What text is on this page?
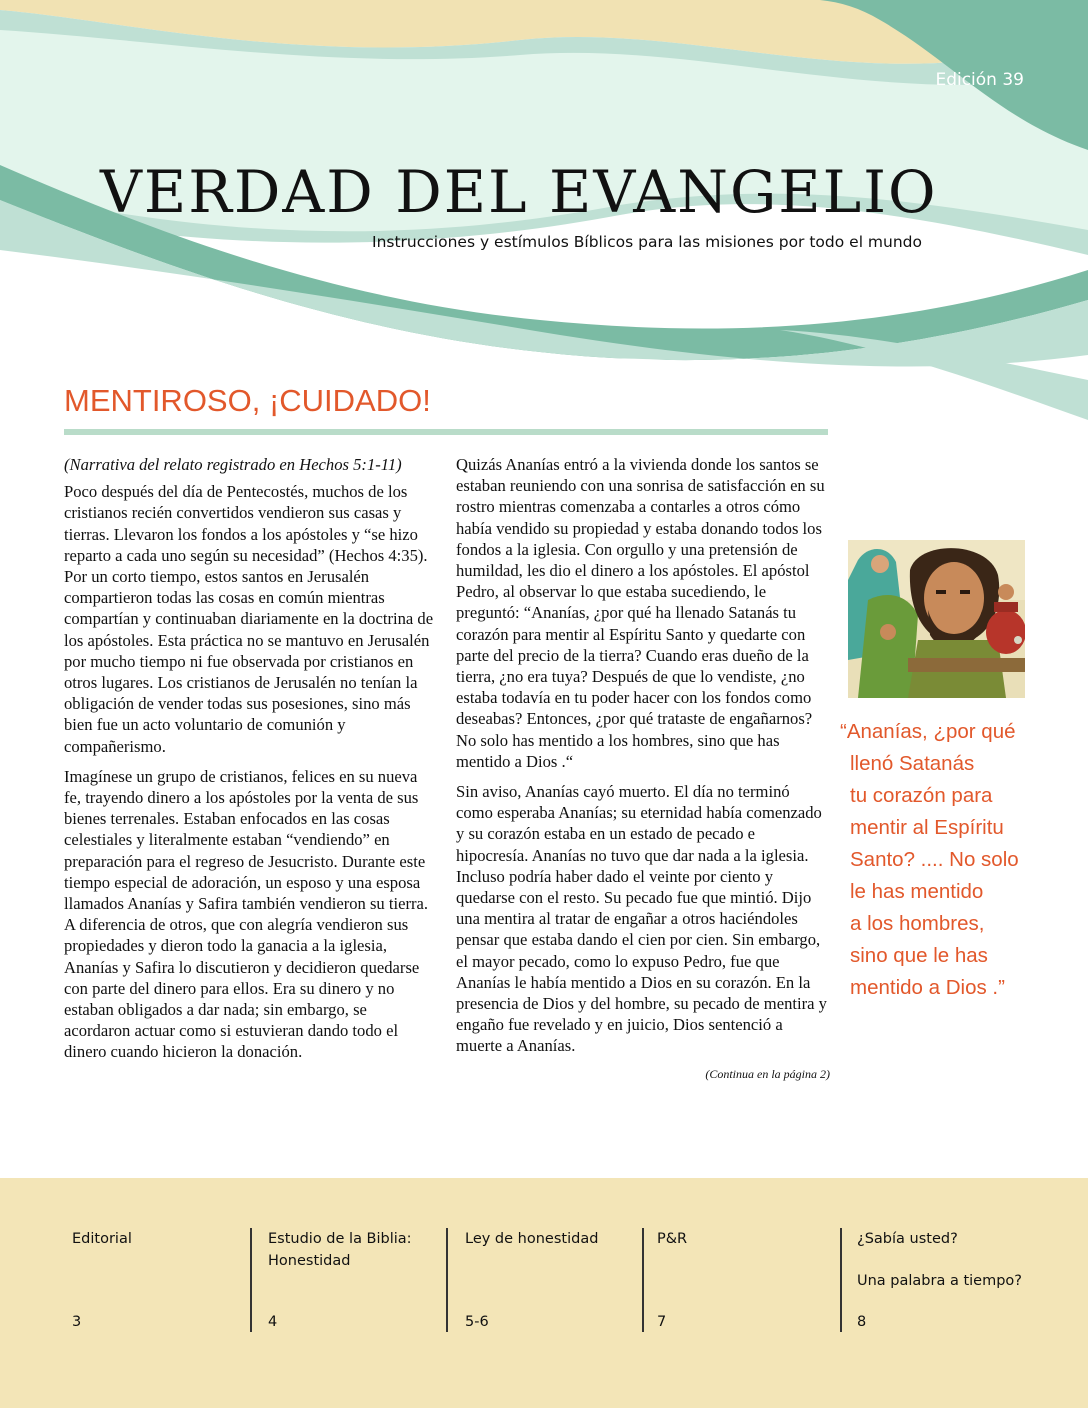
Edición 39
VERDAD DEL EVANGELIO
Instrucciones y estímulos Bíblicos para las misiones por todo el mundo
MENTIROSO, ¡CUIDADO!

(Narrativa del relato registrado en Hechos 5:1-11)

Poco después del día de Pentecostés, muchos de los cristianos recién convertidos vendieron sus casas y tierras. Llevaron los fondos a los apóstoles y “se hizo reparto a cada uno según su necesidad” (Hechos 4:35). Por un corto tiempo, estos santos en Jerusalén compartieron todas las cosas en común mientras compartían y continuaban diariamente en la doctrina de los apóstoles. Esta práctica no se mantuvo en Jerusalén por mucho tiempo ni fue observada por cristianos en otros lugares. Los cristianos de Jerusalén no tenían la obligación de vender todas sus posesiones, sino más bien fue un acto voluntario de comunión y compañerismo.

Imagínese un grupo de cristianos, felices en su nueva fe, trayendo dinero a los apóstoles por la venta de sus bienes terrenales. Estaban enfocados en las cosas celestiales y literalmente estaban “vendiendo” en preparación para el regreso de Jesucristo. Durante este tiempo especial de adoración, un esposo y una esposa llamados Ananías y Safira también vendieron su tierra. A diferencia de otros, que con alegría vendieron sus propiedades y dieron todo la ganacia a la iglesia, Ananías y Safira lo discutieron y decidieron quedarse con parte del dinero para ellos. Era su dinero y no estaban obligados a dar nada; sin embargo, se acordaron actuar como si estuvieran dando todo el dinero cuando hicieron la donación.

Quizás Ananías entró a la vivienda donde los santos se estaban reuniendo con una sonrisa de satisfacción en su rostro mientras comenzaba a contarles a otros cómo había vendido su propiedad y estaba donando todos los fondos a la iglesia. Con orgullo y una pretensión de humildad, les dio el dinero a los apóstoles. El apóstol Pedro, al observar lo que estaba sucediendo, le preguntó: “Ananías, ¿por qué ha llenado Satanás tu corazón para mentir al Espíritu Santo y quedarte con parte del precio de la tierra? Cuando eras dueño de la tierra, ¿no era tuya? Después de que lo vendiste, ¿no estaba todavía en tu poder hacer con los fondos como deseabas? Entonces, ¿por qué trataste de engañarnos? No solo has mentido a los hombres, sino que has mentido a Dios .“

Sin aviso, Ananías cayó muerto. El día no terminó como esperaba Ananías; su eternidad había comenzado y su corazón estaba en un estado de pecado e hipocresía. Ananías no tuvo que dar nada a la iglesia. Incluso podría haber dado el veinte por ciento y quedarse con el resto. Su pecado fue que mintió. Dijo una mentira al tratar de engañar a otros haciéndoles pensar que estaba dando el cien por cien. Sin embargo, el mayor pecado, como lo expuso Pedro, fue que Ananías le había mentido a Dios en su corazón. En la presencia de Dios y del hombre, su pecado de mentira y engaño fue revelado y en juicio, Dios sentenció a muerte a Ananías.

(Continua en la página 2)

“Ananías, ¿por qué
llenó Satanás
tu corazón para
mentir al Espíritu
Santo? .... No solo
le has mentido
a los hombres,
sino que le has
mentido a Dios .”
Editorial
3
Estudio de la Biblia: Honestidad
4
Ley de honestidad
5-6
P&R
7
¿Sabía usted?
Una palabra a tiempo?
8
